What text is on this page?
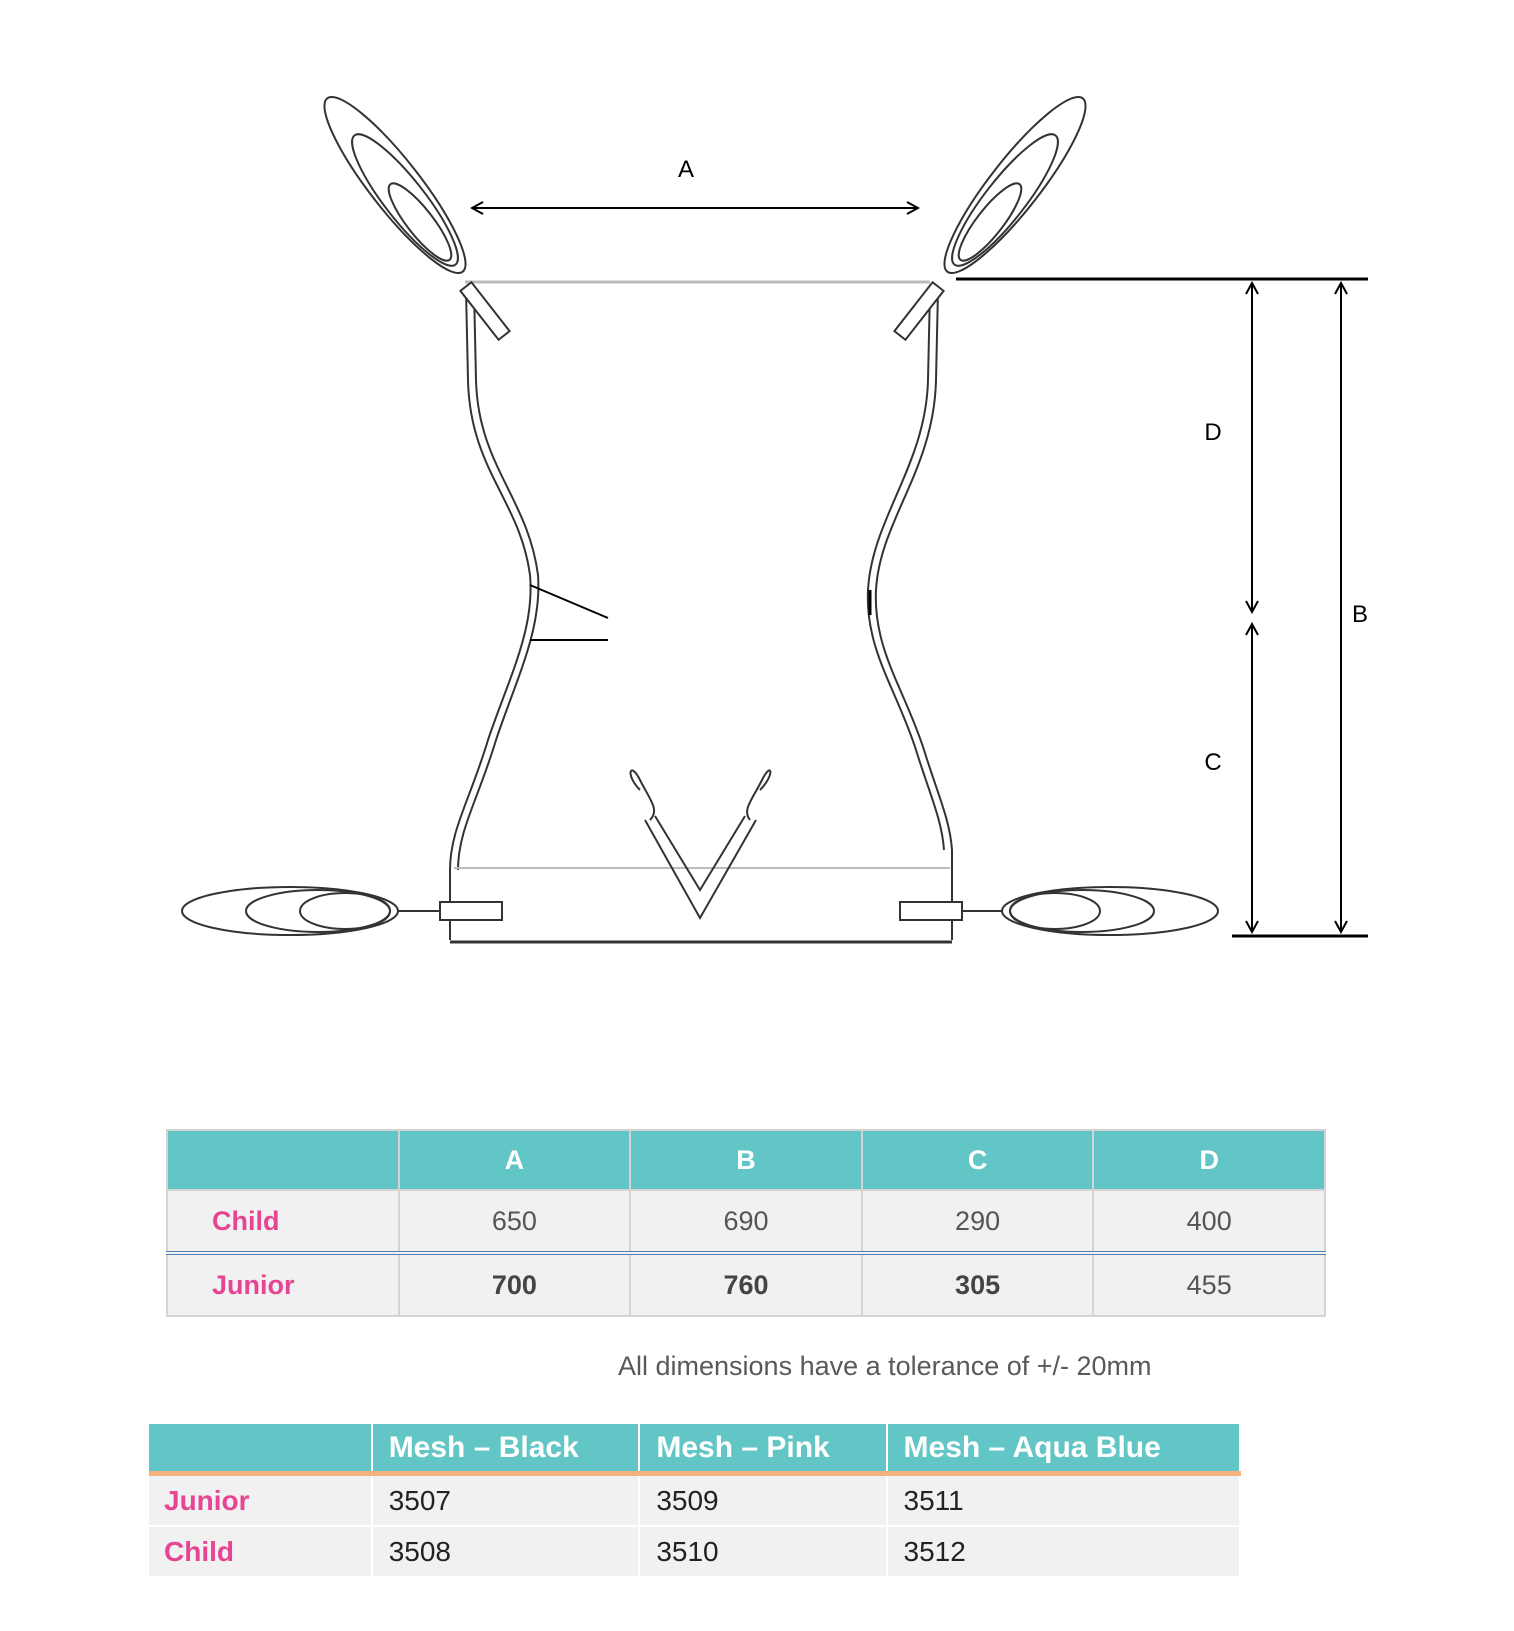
A
D
B
C
	A	B	C	D
Child	650	690	290	400
Junior	700	760	305	455
All dimensions have a tolerance of +/- 20mm
	Mesh – Black	Mesh – Pink	Mesh – Aqua Blue
Junior	3507	3509	3511
Child	3508	3510	3512
